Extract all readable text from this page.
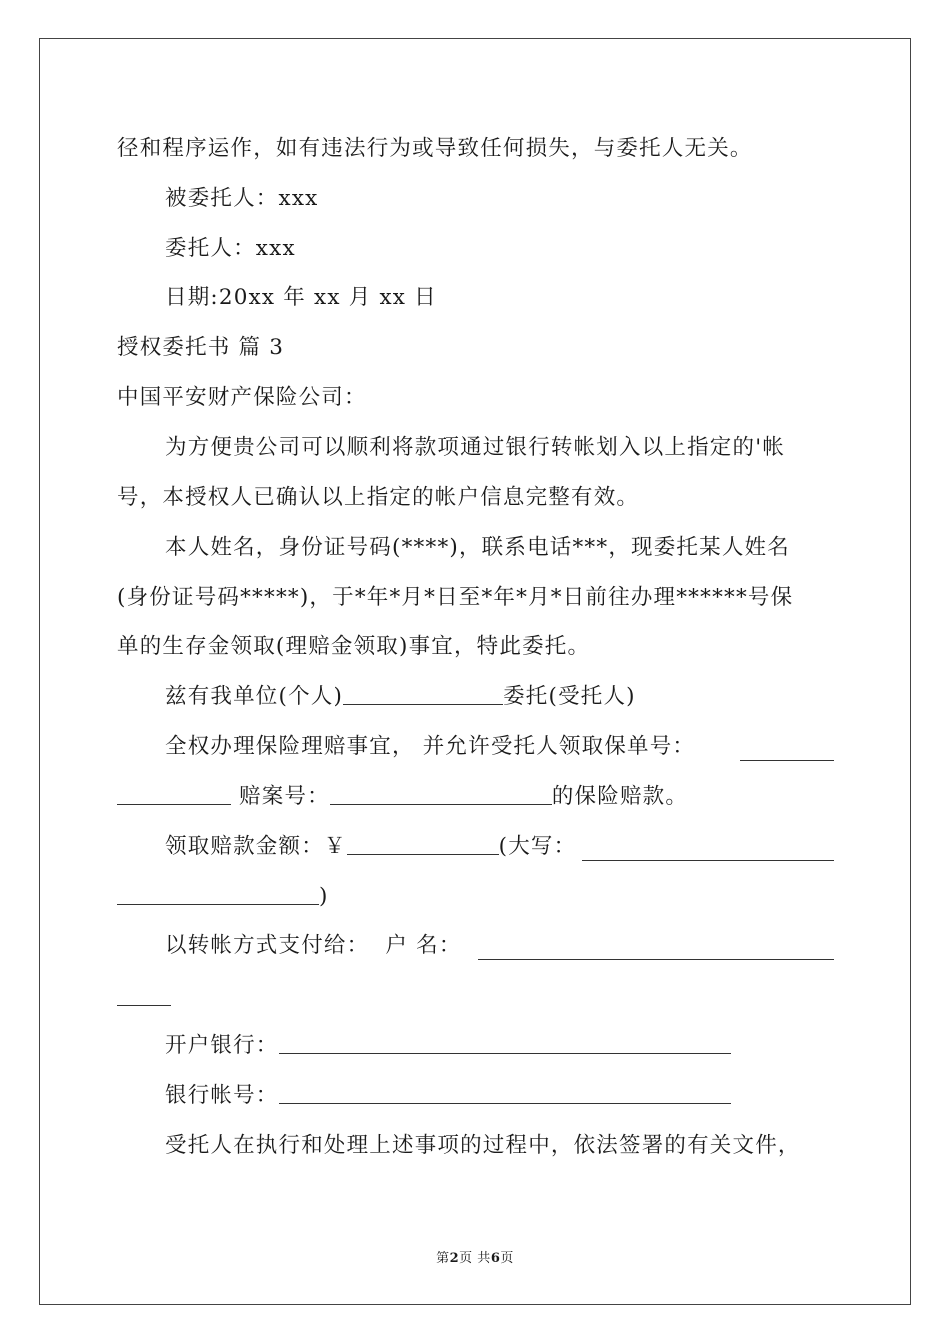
径和程序运作，如有违法行为或导致任何损失，与委托人无关。
被委托人：xxx
委托人：xxx
日期:20xx 年 xx 月 xx 日
授权委托书 篇 3
中国平安财产保险公司：
为方便贵公司可以顺利将款项通过银行转帐划入以上指定的'帐
号，本授权人已确认以上指定的帐户信息完整有效。
本人姓名，身份证号码(****)，联系电话***，现委托某人姓名
(身份证号码*****)，于*年*月*日至*年*月*日前往办理******号保
单的生存金领取(理赔金领取)事宜，特此委托。
兹有我单位(个人)	委托(受托人)
全权办理保险理赔事宜， 并允许受托人领取保单号：
赔案号：	的保险赔款。
领取赔款金额：￥	(大写：
)
以转帐方式支付给： 户 名：
开户银行：
银行帐号：
受托人在执行和处理上述事项的过程中，依法签署的有关文件，
第2页 共6页
